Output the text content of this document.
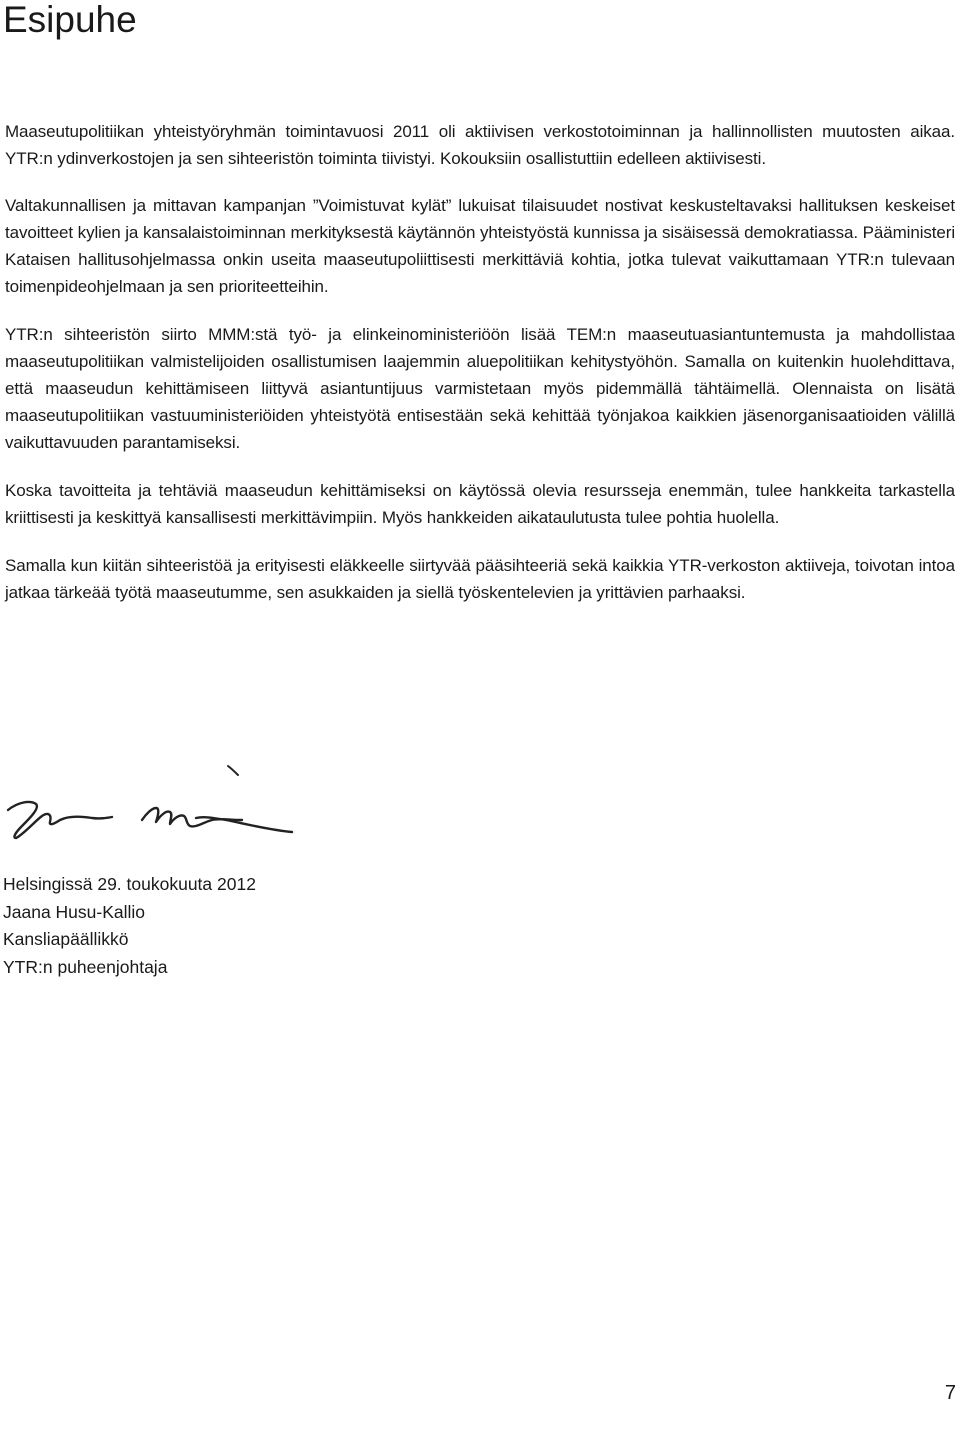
Esipuhe

Maaseutupolitiikan yhteistyöryhmän toimintavuosi 2011 oli aktiivisen verkostotoiminnan ja hallinnollisten muutosten aikaa. YTR:n ydinverkostojen ja sen sihteeristön toiminta tiivistyi. Kokouksiin osallistuttiin edelleen aktiivisesti.

Valtakunnallisen ja mittavan kampanjan ”Voimistuvat kylät” lukuisat tilaisuudet nostivat keskusteltavaksi hallituksen keskeiset tavoitteet kylien ja kansalaistoiminnan merkityksestä käytännön yhteistyöstä kunnissa ja sisäisessä demokratiassa. Pääministeri Kataisen hallitusohjelmassa onkin useita maaseutupoliittisesti merkittäviä kohtia, jotka tulevat vaikuttamaan YTR:n tulevaan toimenpideohjelmaan ja sen prioriteetteihin.

YTR:n sihteeristön siirto MMM:stä työ- ja elinkeinoministeriöön lisää TEM:n maaseutuasiantuntemusta ja mahdollistaa maaseutupolitiikan valmistelijoiden osallistumisen laajemmin aluepolitiikan kehitystyöhön. Samalla on kuitenkin huolehdittava, että maaseudun kehittämiseen liittyvä asiantuntijuus varmistetaan myös pidemmällä tähtäimellä. Olennaista on lisätä maaseutupolitiikan vastuuministeriöiden yhteistyötä entisestään sekä kehittää työnjakoa kaikkien jäsenorganisaatioiden välillä vaikuttavuuden parantamiseksi.

Koska tavoitteita ja tehtäviä maaseudun kehittämiseksi on käytössä olevia resursseja enemmän, tulee hankkeita tarkastella kriittisesti ja keskittyä kansallisesti merkittävimpiin. Myös hankkeiden aikataulutusta tulee pohtia huolella.

Samalla kun kiitän sihteeristöä ja erityisesti eläkkeelle siirtyvää pääsihteeriä sekä kaikkia YTR-verkoston aktiiveja, toivotan intoa jatkaa tärkeää työtä maaseutumme, sen asukkaiden ja siellä työskentelevien ja yrittävien parhaaksi.

Helsingissä 29. toukokuuta 2012
Jaana Husu-Kallio
Kansliapäällikkö
YTR:n puheenjohtaja
7
